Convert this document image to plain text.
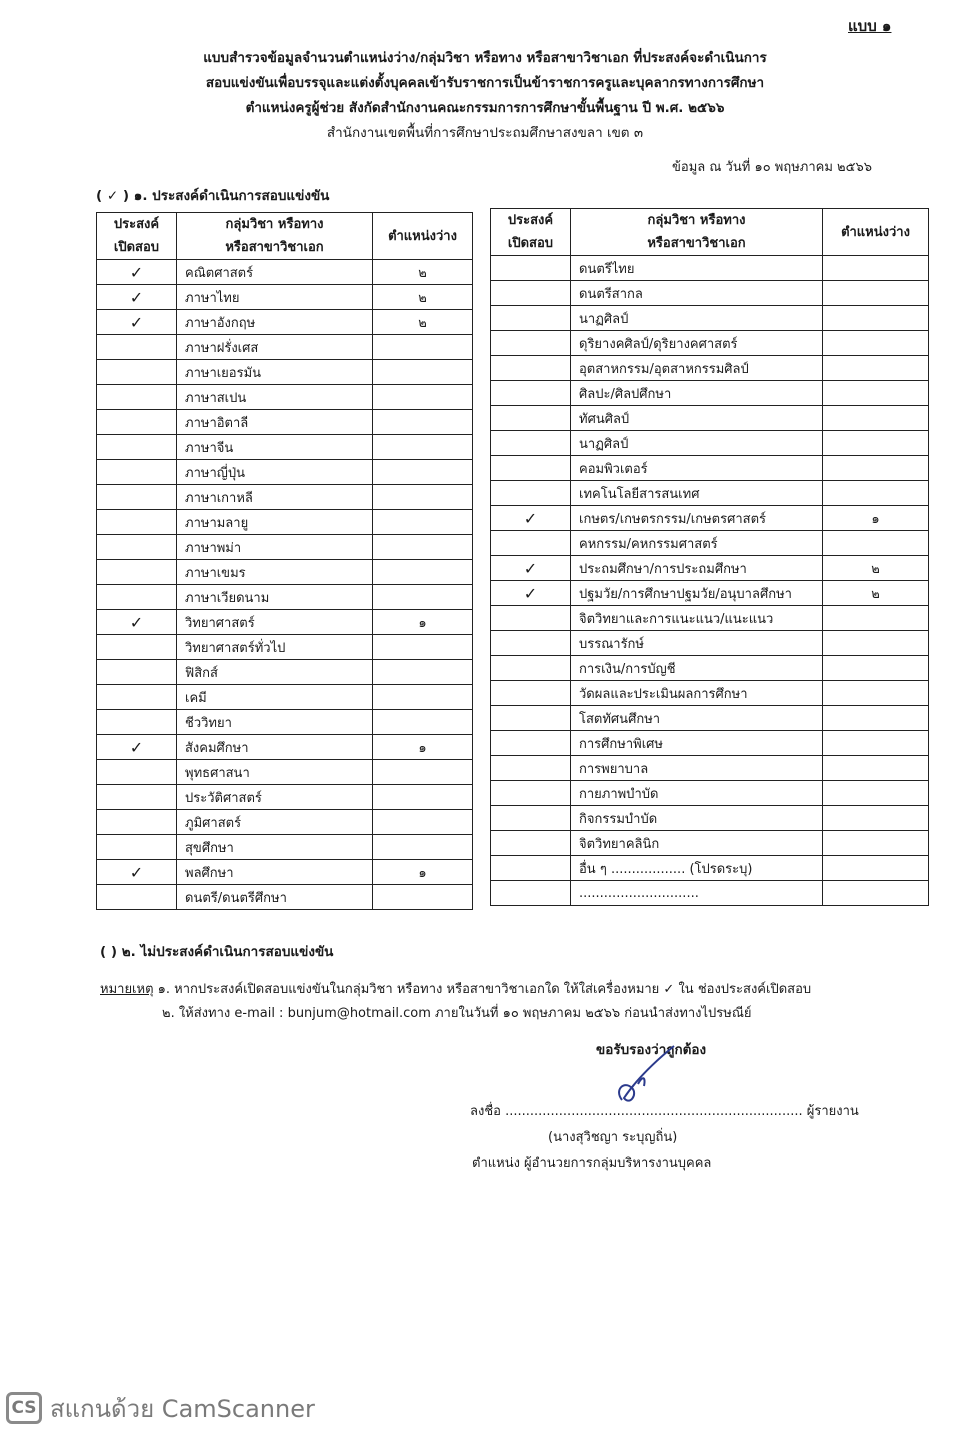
แบบ ๑
แบบสำรวจข้อมูลจำนวนตำแหน่งว่าง/กลุ่มวิชา หรือทาง หรือสาขาวิชาเอก ที่ประสงค์จะดำเนินการ
สอบแข่งขันเพื่อบรรจุและแต่งตั้งบุคคลเข้ารับราชการเป็นข้าราชการครูและบุคลากรทางการศึกษา
ตำแหน่งครูผู้ช่วย สังกัดสำนักงานคณะกรรมการการศึกษาขั้นพื้นฐาน ปี พ.ศ. ๒๕๖๖
สำนักงานเขตพื้นที่การศึกษาประถมศึกษาสงขลา เขต ๓
ข้อมูล ณ วันที่ ๑๐ พฤษภาคม ๒๕๖๖
( ✓ ) ๑. ประสงค์ดำเนินการสอบแข่งขัน
ประสงค์
เปิดสอบ	กลุ่มวิชา หรือทาง
หรือสาขาวิชาเอก	ตำแหน่งว่าง
✓	คณิตศาสตร์	๒
✓	ภาษาไทย	๒
✓	ภาษาอังกฤษ	๒
	ภาษาฝรั่งเศส	
	ภาษาเยอรมัน	
	ภาษาสเปน	
	ภาษาอิตาลี	
	ภาษาจีน	
	ภาษาญี่ปุ่น	
	ภาษาเกาหลี	
	ภาษามลายู	
	ภาษาพม่า	
	ภาษาเขมร	
	ภาษาเวียดนาม	
✓	วิทยาศาสตร์	๑
	วิทยาศาสตร์ทั่วไป	
	ฟิสิกส์	
	เคมี	
	ชีววิทยา	
✓	สังคมศึกษา	๑
	พุทธศาสนา	
	ประวัติศาสตร์	
	ภูมิศาสตร์	
	สุขศึกษา	
✓	พลศึกษา	๑
	ดนตรี/ดนตรีศึกษา	
ประสงค์
เปิดสอบ	กลุ่มวิชา หรือทาง
หรือสาขาวิชาเอก	ตำแหน่งว่าง
	ดนตรีไทย	
	ดนตรีสากล	
	นาฏศิลป์	
	ดุริยางคศิลป์/ดุริยางคศาสตร์	
	อุตสาหกรรม/อุตสาหกรรมศิลป์	
	ศิลปะ/ศิลปศึกษา	
	ทัศนศิลป์	
	นาฏศิลป์	
	คอมพิวเตอร์	
	เทคโนโลยีสารสนเทศ	
✓	เกษตร/เกษตรกรรม/เกษตรศาสตร์	๑
	คหกรรม/คหกรรมศาสตร์	
✓	ประถมศึกษา/การประถมศึกษา	๒
✓	ปฐมวัย/การศึกษาปฐมวัย/อนุบาลศึกษา	๒
	จิตวิทยาและการแนะแนว/แนะแนว	
	บรรณารักษ์	
	การเงิน/การบัญชี	
	วัดผลและประเมินผลการศึกษา	
	โสตทัศนศึกษา	
	การศึกษาพิเศษ	
	การพยาบาล	
	กายภาพบำบัด	
	กิจกรรมบำบัด	
	จิตวิทยาคลินิก	
	อื่น ๆ .................. (โปรดระบุ)	
	.............................	
( ) ๒. ไม่ประสงค์ดำเนินการสอบแข่งขัน
หมายเหตุ ๑. หากประสงค์เปิดสอบแข่งขันในกลุ่มวิชา หรือทาง หรือสาขาวิชาเอกใด ให้ใส่เครื่องหมาย ✓ ใน ช่องประสงค์เปิดสอบ
๒. ให้ส่งทาง e-mail : bunjum@hotmail.com ภายในวันที่ ๑๐ พฤษภาคม ๒๕๖๖ ก่อนนำส่งทางไปรษณีย์
ขอรับรองว่าถูกต้อง
ลงชื่อ ........................................................................ ผู้รายงาน
(นางสุวิชญา ระบุญถิ่น)
ตำแหน่ง ผู้อำนวยการกลุ่มบริหารงานบุคคล
CS สแกนด้วย CamScanner
